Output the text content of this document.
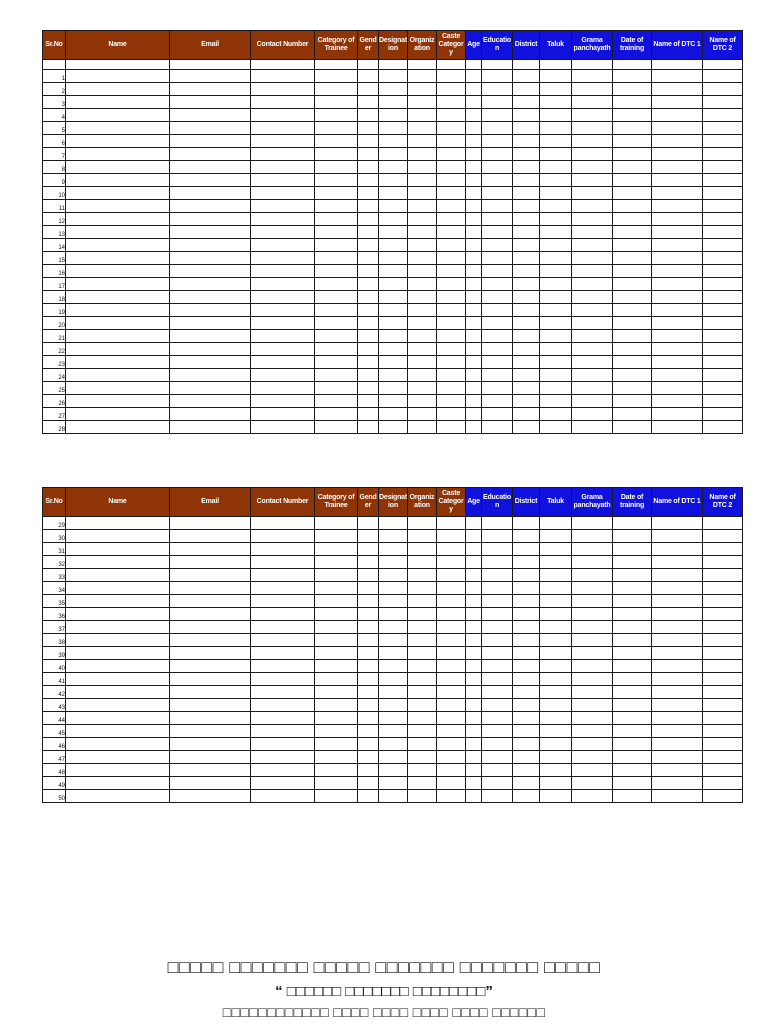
Sr.No	Name	Email	Contact Number	Category of Trainee	Gend er	Designat ion	Organiz ation	Caste Categor y	Age	Educatio n	District	Taluk	Grama panchayath	Date of training	Name of DTC 1	Name of DTC 2

1																
2																
3																
4																
5																
6																
7																
8																
9																
10																
11																
12																
13																
14																
15																
16																
17																
18																
19																
20																
21																
22																
23																
24																
25																
26																
27																
28																
Sr.No	Name	Email	Contact Number	Category of Trainee	Gend er	Designat ion	Organiz ation	Caste Categor y	Age	Educatio n	District	Taluk	Grama panchayath	Date of training	Name of DTC 1	Name of DTC 2
29																
30																
31																
32																
33																
34																
35																
36																
37																
38																
39																
40																
41																
42																
43																
44																
45																
46																
47																
48																
49																
50																
□□□□□ □□□□□□□ □□□□□ □□□□□□□ □□□□□□□ □□□□□
“ □□□□□□ □□□□□□□ □□□□□□□□”
□□□□□□□□□□□□ □□□□ □□□□ □□□□ □□□□ □□□□□□
